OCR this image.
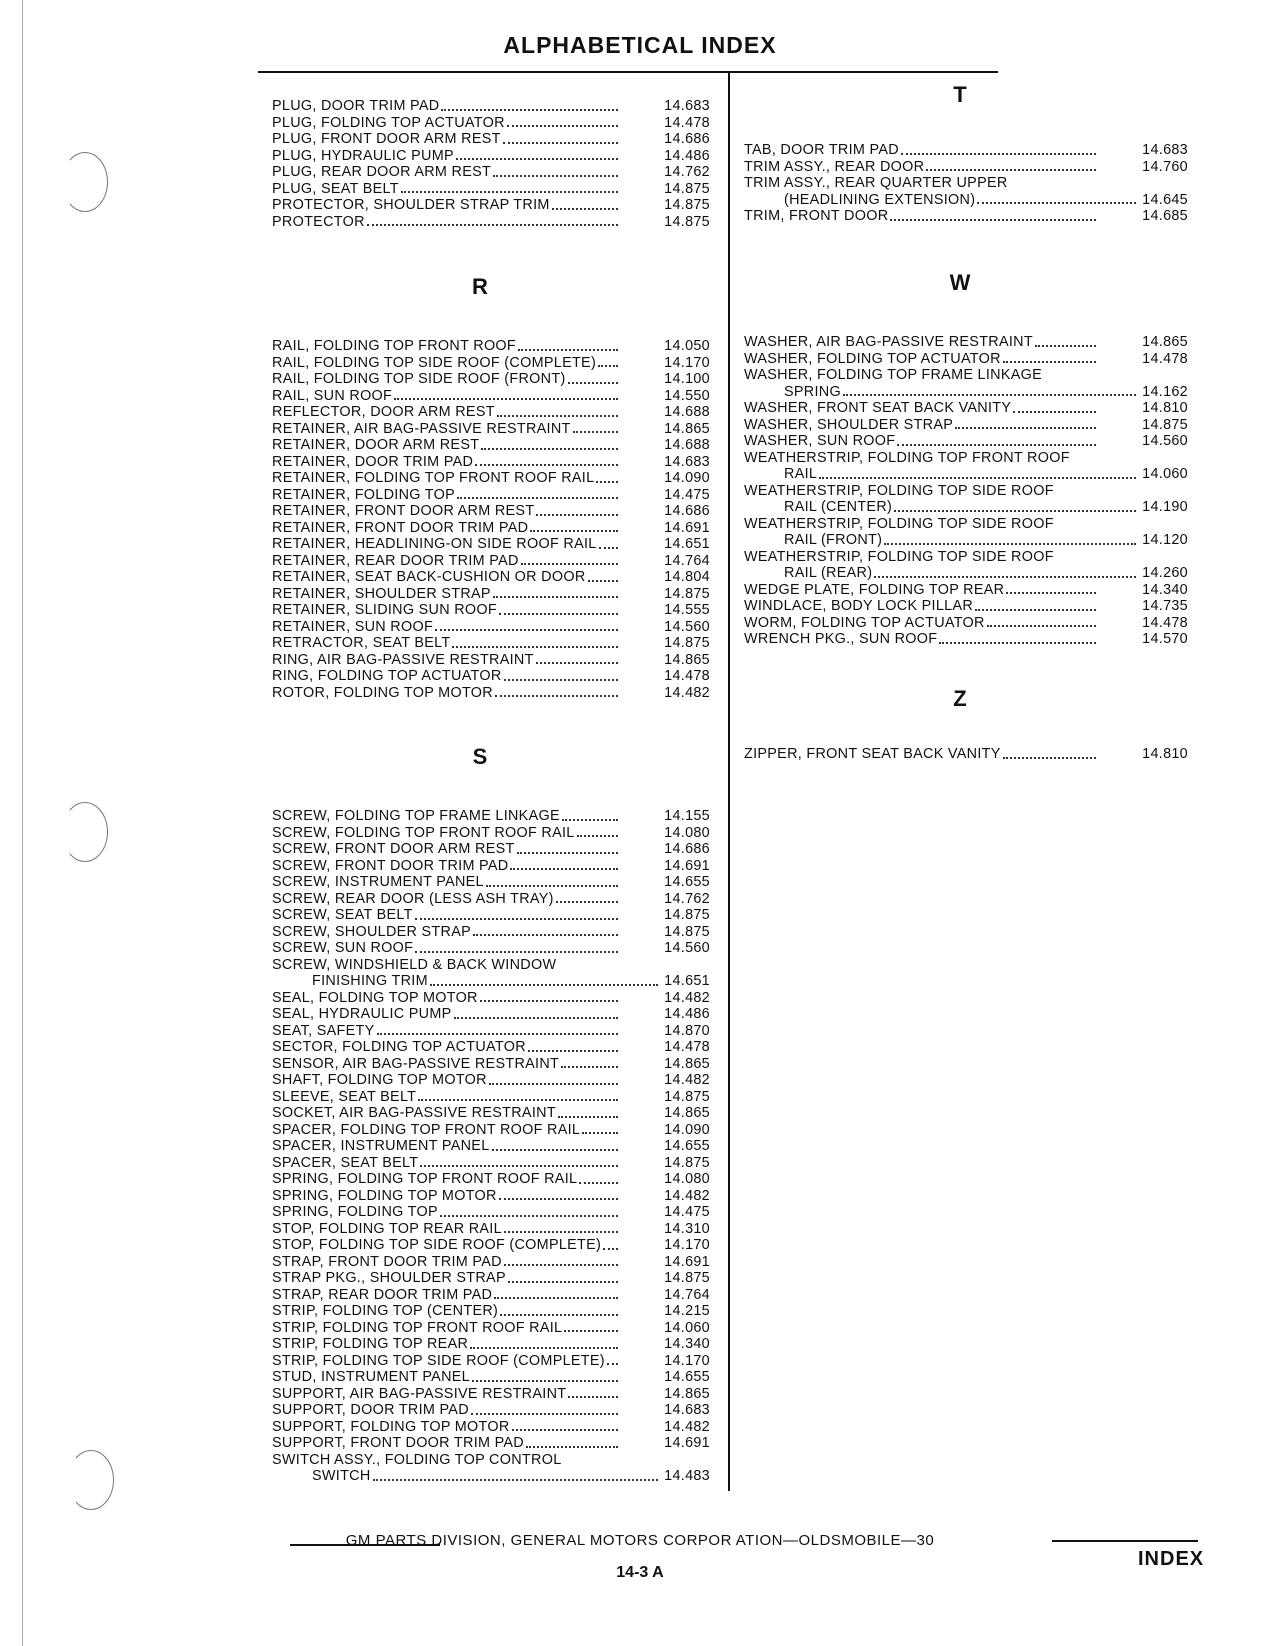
ALPHABETICAL INDEX
PLUG, DOOR TRIM PAD	14.683
PLUG, FOLDING TOP ACTUATOR	14.478
PLUG, FRONT DOOR ARM REST	14.686
PLUG, HYDRAULIC PUMP	14.486
PLUG, REAR DOOR ARM REST	14.762
PLUG, SEAT BELT	14.875
PROTECTOR, SHOULDER STRAP TRIM	14.875
PROTECTOR	14.875
R
RAIL, FOLDING TOP FRONT ROOF	14.050
RAIL, FOLDING TOP SIDE ROOF (COMPLETE)	14.170
RAIL, FOLDING TOP SIDE ROOF (FRONT)	14.100
RAIL, SUN ROOF	14.550
REFLECTOR, DOOR ARM REST	14.688
RETAINER, AIR BAG-PASSIVE RESTRAINT	14.865
RETAINER, DOOR ARM REST	14.688
RETAINER, DOOR TRIM PAD	14.683
RETAINER, FOLDING TOP FRONT ROOF RAIL	14.090
RETAINER, FOLDING TOP	14.475
RETAINER, FRONT DOOR ARM REST	14.686
RETAINER, FRONT DOOR TRIM PAD	14.691
RETAINER, HEADLINING-ON SIDE ROOF RAIL	14.651
RETAINER, REAR DOOR TRIM PAD	14.764
RETAINER, SEAT BACK-CUSHION OR DOOR	14.804
RETAINER, SHOULDER STRAP	14.875
RETAINER, SLIDING SUN ROOF	14.555
RETAINER, SUN ROOF	14.560
RETRACTOR, SEAT BELT	14.875
RING, AIR BAG-PASSIVE RESTRAINT	14.865
RING, FOLDING TOP ACTUATOR	14.478
ROTOR, FOLDING TOP MOTOR	14.482
S
SCREW, FOLDING TOP FRAME LINKAGE	14.155
SCREW, FOLDING TOP FRONT ROOF RAIL	14.080
SCREW, FRONT DOOR ARM REST	14.686
SCREW, FRONT DOOR TRIM PAD	14.691
SCREW, INSTRUMENT PANEL	14.655
SCREW, REAR DOOR (LESS ASH TRAY)	14.762
SCREW, SEAT BELT	14.875
SCREW, SHOULDER STRAP	14.875
SCREW, SUN ROOF	14.560
SCREW, WINDSHIELD & BACK WINDOW
FINISHING TRIM	14.651
SEAL, FOLDING TOP MOTOR	14.482
SEAL, HYDRAULIC PUMP	14.486
SEAT, SAFETY	14.870
SECTOR, FOLDING TOP ACTUATOR	14.478
SENSOR, AIR BAG-PASSIVE RESTRAINT	14.865
SHAFT, FOLDING TOP MOTOR	14.482
SLEEVE, SEAT BELT	14.875
SOCKET, AIR BAG-PASSIVE RESTRAINT	14.865
SPACER, FOLDING TOP FRONT ROOF RAIL	14.090
SPACER, INSTRUMENT PANEL	14.655
SPACER, SEAT BELT	14.875
SPRING, FOLDING TOP FRONT ROOF RAIL	14.080
SPRING, FOLDING TOP MOTOR	14.482
SPRING, FOLDING TOP	14.475
STOP, FOLDING TOP REAR RAIL	14.310
STOP, FOLDING TOP SIDE ROOF (COMPLETE)	14.170
STRAP, FRONT DOOR TRIM PAD	14.691
STRAP PKG., SHOULDER STRAP	14.875
STRAP, REAR DOOR TRIM PAD	14.764
STRIP, FOLDING TOP (CENTER)	14.215
STRIP, FOLDING TOP FRONT ROOF RAIL	14.060
STRIP, FOLDING TOP REAR	14.340
STRIP, FOLDING TOP SIDE ROOF (COMPLETE)	14.170
STUD, INSTRUMENT PANEL	14.655
SUPPORT, AIR BAG-PASSIVE RESTRAINT	14.865
SUPPORT, DOOR TRIM PAD	14.683
SUPPORT, FOLDING TOP MOTOR	14.482
SUPPORT, FRONT DOOR TRIM PAD	14.691
SWITCH ASSY., FOLDING TOP CONTROL
SWITCH	14.483
T
TAB, DOOR TRIM PAD	14.683
TRIM ASSY., REAR DOOR	14.760
TRIM ASSY., REAR QUARTER UPPER
(HEADLINING EXTENSION)	14.645
TRIM, FRONT DOOR	14.685
W
WASHER, AIR BAG-PASSIVE RESTRAINT	14.865
WASHER, FOLDING TOP ACTUATOR	14.478
WASHER, FOLDING TOP FRAME LINKAGE
SPRING	14.162
WASHER, FRONT SEAT BACK VANITY	14.810
WASHER, SHOULDER STRAP	14.875
WASHER, SUN ROOF	14.560
WEATHERSTRIP, FOLDING TOP FRONT ROOF
RAIL	14.060
WEATHERSTRIP, FOLDING TOP SIDE ROOF
RAIL (CENTER)	14.190
WEATHERSTRIP, FOLDING TOP SIDE ROOF
RAIL (FRONT)	14.120
WEATHERSTRIP, FOLDING TOP SIDE ROOF
RAIL (REAR)	14.260
WEDGE PLATE, FOLDING TOP REAR	14.340
WINDLACE, BODY LOCK PILLAR	14.735
WORM, FOLDING TOP ACTUATOR	14.478
WRENCH PKG., SUN ROOF	14.570
Z
ZIPPER, FRONT SEAT BACK VANITY	14.810
GM PARTS DIVISION, GENERAL MOTORS CORPOR ATION—OLDSMOBILE—30
14-3 A
INDEX
